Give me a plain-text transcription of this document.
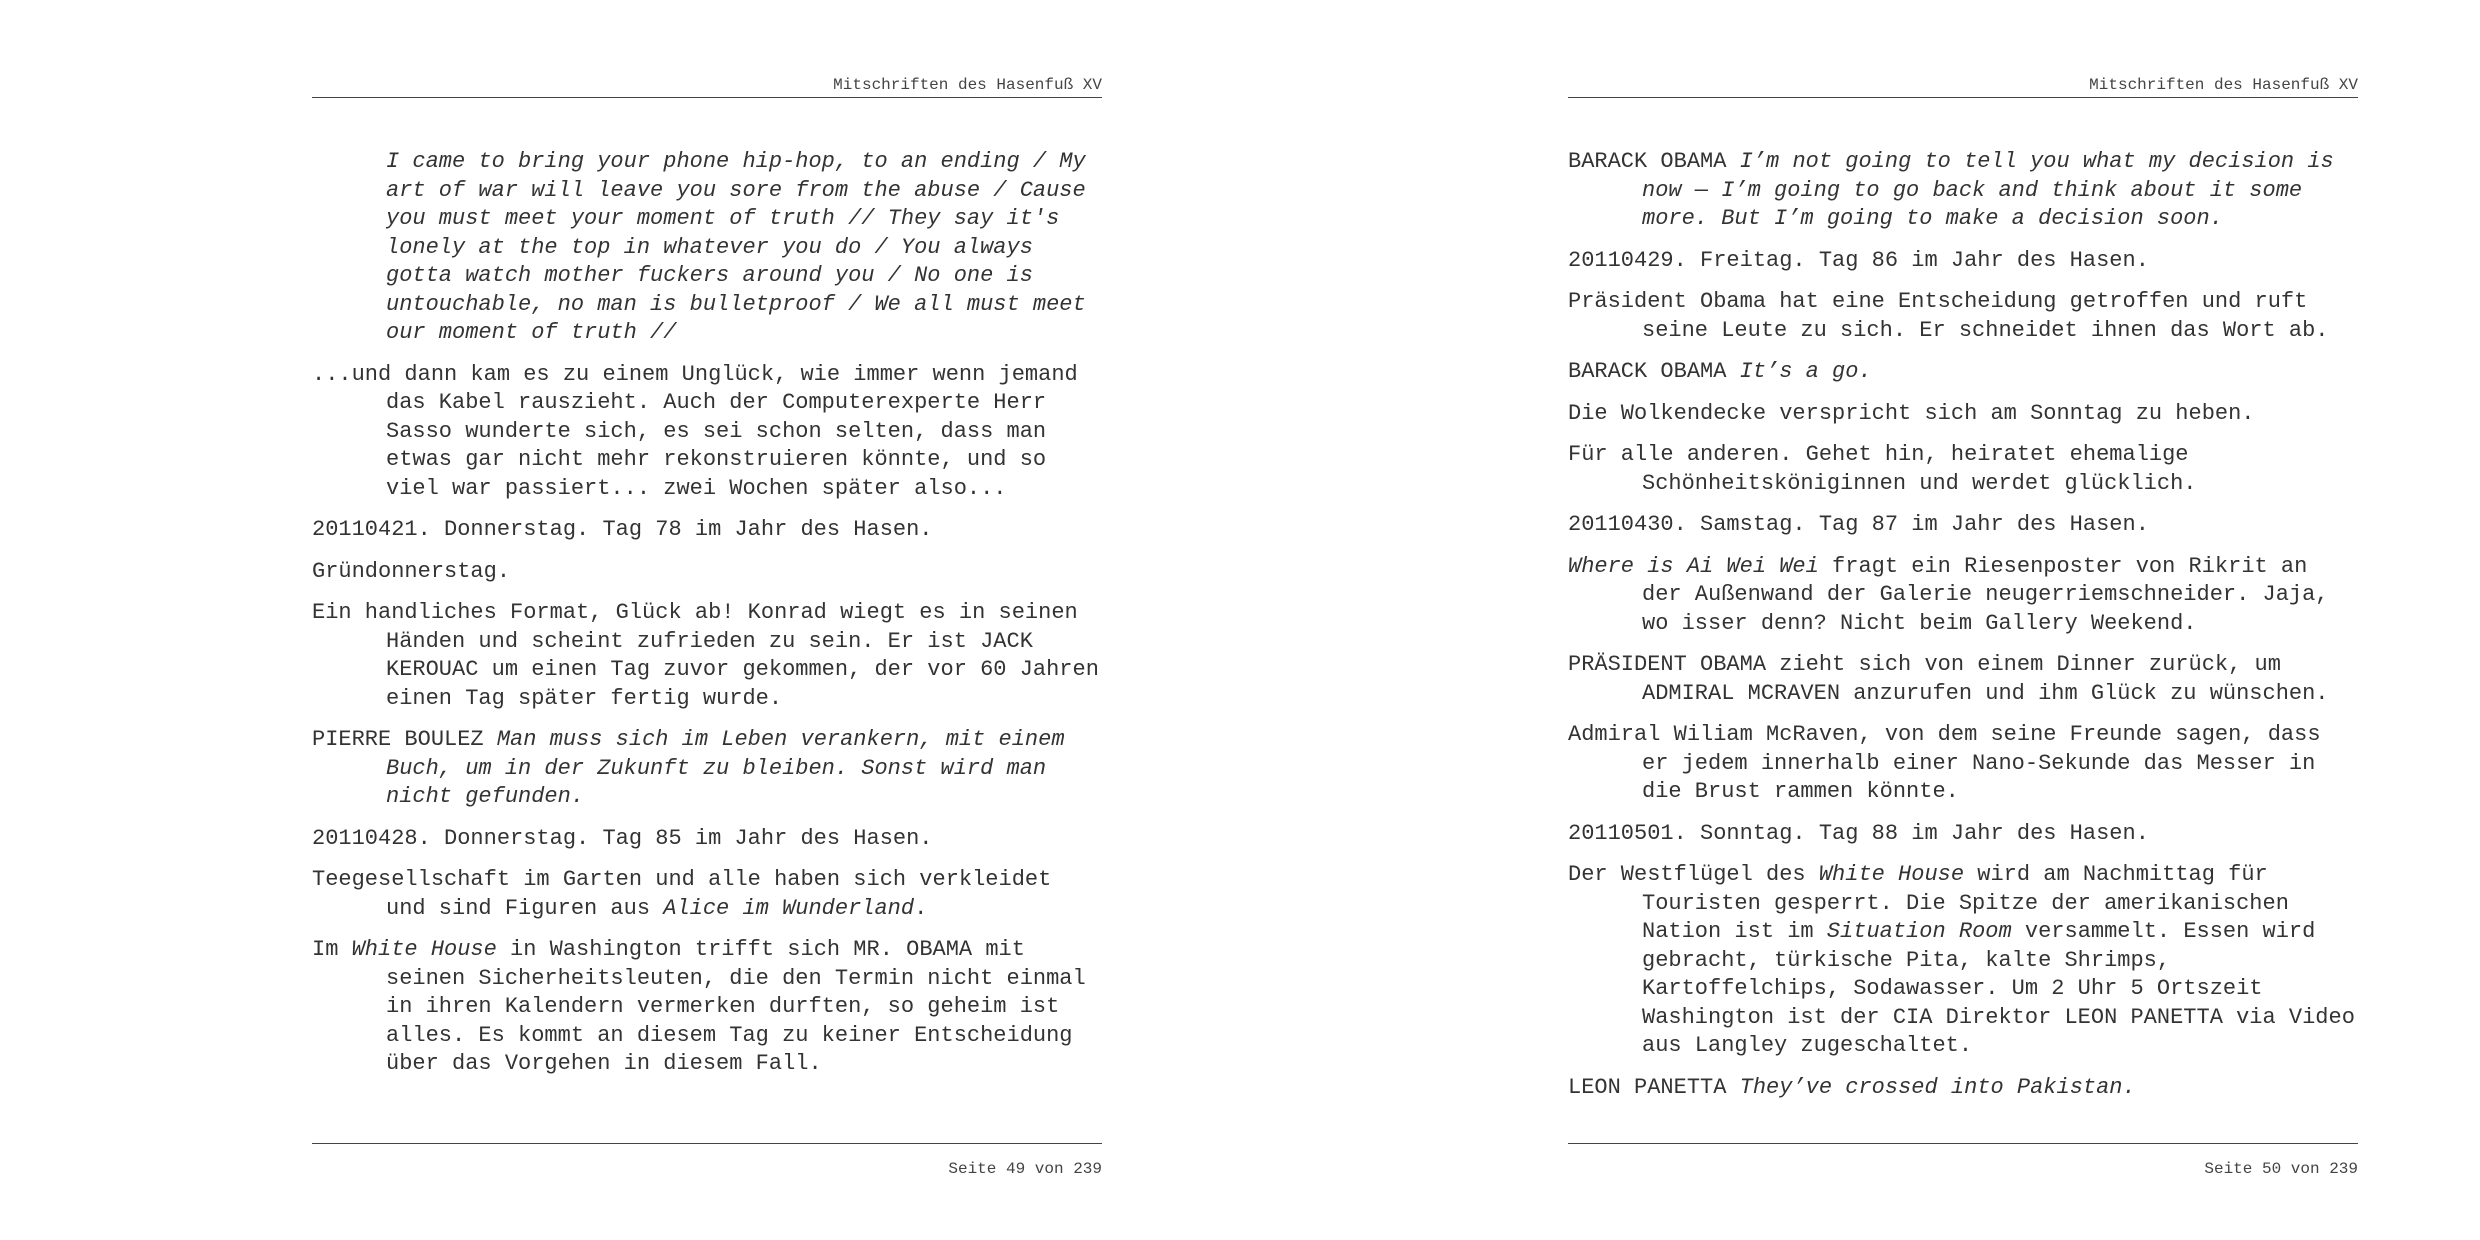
Mitschriften des Hasenfuß XV

I came to bring your phone hip-hop, to an ending / My art of war will leave you sore from the abuse / Cause you must meet your moment of truth // They say it's lonely at the top in whatever you do / You always gotta watch mother fuckers around you / No one is untouchable, no man is bulletproof / We all must meet our moment of truth //

...und dann kam es zu einem Unglück, wie immer wenn jemand das Kabel rauszieht. Auch der Computerexperte Herr Sasso wunderte sich, es sei schon selten, dass man etwas gar nicht mehr rekonstruieren könnte, und so viel war passiert... zwei Wochen später also...

20110421. Donnerstag. Tag 78 im Jahr des Hasen.

Gründonnerstag.

Ein handliches Format, Glück ab! Konrad wiegt es in seinen Händen und scheint zufrieden zu sein. Er ist JACK KEROUAC um einen Tag zuvor gekommen, der vor 60 Jahren einen Tag später fertig wurde.

PIERRE BOULEZ Man muss sich im Leben verankern, mit einem Buch, um in der Zukunft zu bleiben. Sonst wird man nicht gefunden.

20110428. Donnerstag. Tag 85 im Jahr des Hasen.

Teegesellschaft im Garten und alle haben sich verkleidet und sind Figuren aus Alice im Wunderland.

Im White House in Washington trifft sich MR. OBAMA mit seinen Sicherheitsleuten, die den Termin nicht einmal in ihren Kalendern vermerken durften, so geheim ist alles. Es kommt an diesem Tag zu keiner Entscheidung über das Vorgehen in diesem Fall.

Seite 49 von 239
Mitschriften des Hasenfuß XV

BARACK OBAMA I’m not going to tell you what my decision is now — I’m going to go back and think about it some more. But I’m going to make a decision soon.

20110429. Freitag. Tag 86 im Jahr des Hasen.

Präsident Obama hat eine Entscheidung getroffen und ruft seine Leute zu sich. Er schneidet ihnen das Wort ab.

BARACK OBAMA It’s a go.

Die Wolkendecke verspricht sich am Sonntag zu heben.

Für alle anderen. Gehet hin, heiratet ehemalige Schönheitsköniginnen und werdet glücklich.

20110430. Samstag. Tag 87 im Jahr des Hasen.

Where is Ai Wei Wei fragt ein Riesenposter von Rikrit an der Außenwand der Galerie neugerriemschneider. Jaja, wo isser denn? Nicht beim Gallery Weekend.

PRÄSIDENT OBAMA zieht sich von einem Dinner zurück, um ADMIRAL MCRAVEN anzurufen und ihm Glück zu wünschen.

Admiral Wiliam McRaven, von dem seine Freunde sagen, dass er jedem innerhalb einer Nano-Sekunde das Messer in die Brust rammen könnte.

20110501. Sonntag. Tag 88 im Jahr des Hasen.

Der Westflügel des White House wird am Nachmittag für Touristen gesperrt. Die Spitze der amerikanischen Nation ist im Situation Room versammelt. Essen wird gebracht, türkische Pita, kalte Shrimps, Kartoffelchips, Sodawasser. Um 2 Uhr 5 Ortszeit Washington ist der CIA Direktor LEON PANETTA via Video aus Langley zugeschaltet.

LEON PANETTA They’ve crossed into Pakistan.

Seite 50 von 239
